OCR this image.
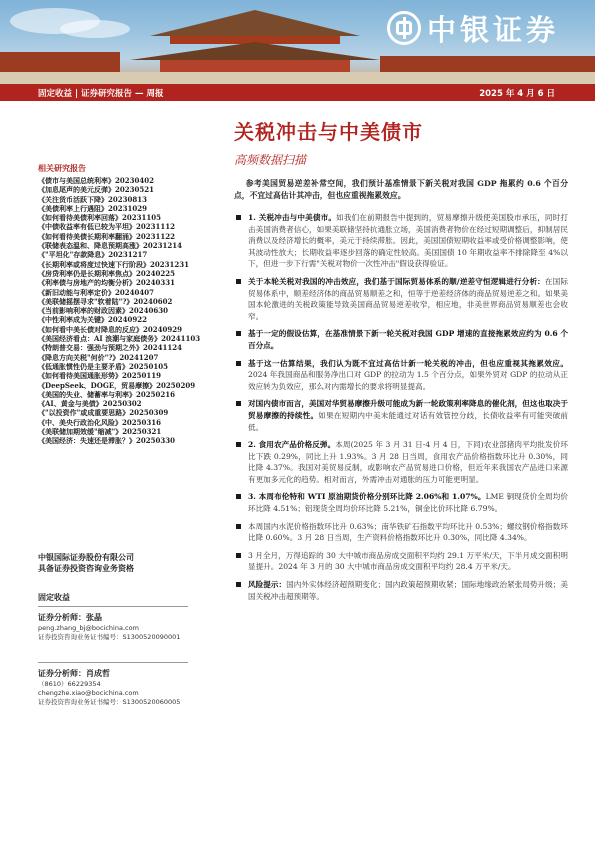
中银证券
固定收益 | 证券研究报告 — 周报	2025 年 4 月 6 日
关税冲击与中美债市
高频数据扫描
相关研究报告
《债市与美国总统利率》20230402
《加息尾声的美元反弹》20230521
《关注货币活跃下降》20230813
《美债利率上行遇阻》20231029
《如何看待美债利率回落》20231105
《中债收益率有低已较为平坦》20231112
《如何看待美债长期利率翻涌》20231122
《联储表态温和、降息预期高涨》20231214
《"平坦化"存款降息》20231217
《长期利率或将度过快速下行阶段》20231231
《房贷利率仍是长期利率焦点》20240225
《利率债与房地产的均衡分析》20240331
《新旧动能与利率定价》20240407
《美联储摇摆寻求"软着陆"?》20240602
《当前影响利率的财政因素》20240630
《中性利率成为关键》20240922
《如何看中美长债对降息的反应》20240929
《美国经济看点：AI 浪潮与家庭债务》20241103
《特朗普交易：强劲与预期之外》20241124
《降息方向关税"何价"?》20241207
《低通胀惯性仍是主要矛盾》20250105
《如何看待美国通胀形势》20250119
《DeepSeek、DOGE，贸易摩擦》20250209
《美国的失业、储蓄率与利率》20250216
《AI、黄金与美债》20250302
《"以投资作"或成重要思路》20250309
《中、美央行政治化风险》20250316
《美联储加期效缓"缩减"》20250321
《美国经济：失速还是滞胀？》20250330
中银国际证券股份有限公司
具备证券投资咨询业务资格
固定收益
证券分析师：张晶
peng.zhang_bj@bocichina.com
证券投资咨询业务证书编号：S1300520090001
证券分析师：肖成哲
（8610）66229354
chengzhe.xiao@bocichina.com
证券投资咨询业务证书编号：S1300520060005

参考美国贸易逆差补常空间，我们预计基准情景下新关税对我国 GDP 拖累约 0.6 个百分点，不宜过高估计其冲击，但也应重视拖累效应。

1. 关税冲击与中美债市。如我们在前期报告中提到的，贸易摩擦升级使美国股市承压，同时打击美国消费者信心，如果美联储坚持抗通胀立场，美国消费者物价在经过短期调整后，抑制居民消费以及经济增长的概率，美元于持续滞胀。因此，美国国债短期收益率或受价格调整影响，使其波动性放大；长期收益率逐步回落的确定性较高。美国国债 10 年期收益率不排除降至 4%以下，但进一步下行需"关税对物价一次性冲击"假设获得验证。
关于本轮关税对我国的冲击效应，我们基于国际贸易体系的顺/逆差守恒逻辑进行分析：在国际贸易体系中，顺差经济体的商品贸易顺差之和，恒等于逆差经济体的商品贸易逆差之和。如果美国本轮激进的关税政策能导致美国商品贸易逆差收窄，相应地，非美世界商品贸易顺差也会收窄。
基于一定的假设估算，在基准情景下新一轮关税对我国 GDP 增速的直接拖累效应约为 0.6 个百分点。
基于这一估算结果，我们认为既不宜过高估计新一轮关税的冲击，但也应重视其拖累效应。2024 年我国商品和服务净出口对 GDP 的拉动为 1.5 个百分点，如果外贸对 GDP 的拉动从正效应转为负效应，那么对内需增长的要求将明显提高。
对国内债市而言，美国对华贸易摩擦升级可能成为新一轮政策利率降息的催化剂，但这也取决于贸易摩擦的持续性。如果在短期内中美未能通过对话有效管控分歧，长债收益率有可能突破前低。
2. 食用农产品价格反弹。本周(2025 年 3 月 31 日-4 月 4 日，下同)农业部猪肉平均批发价环比下跌 0.29%，同比上升 1.93%。3 月 28 日当周，食用农产品价格指数环比升 0.30%，同比降 4.37%。我国对美贸易反制，或影响农产品贸易进口价格，但近年来我国农产品进口来源有更加多元化的趋势。相对而言，外需冲击对通胀的压力可能更明显。
3. 本周布伦特和 WTI 原油期货价格分别环比降 2.06%和 1.07%。LME 铜现货价全周均价环比降 4.51%；铝现货全周均价环比降 5.21%，铜金比价环比降 6.79%。
本周国内水泥价格指数环比升 0.63%；南华铁矿石指数平均环比升 0.53%；螺纹钢价格指数环比降 0.60%。3 月 28 日当周，生产资料价格指数环比升 0.30%，同比降 4.34%。
3 月全月，万得追踪的 30 大中城市商品房成交面积平均约 29.1 万平米/天，下半月成交面积明显提升。2024 年 3 月的 30 大中城市商品房成交面积平均约 28.4 万平米/天。
风险提示：国内外实体经济超预期变化；国内政策超预期收紧；国际地缘政治紧张局势升级；美国关税冲击超预期等。
